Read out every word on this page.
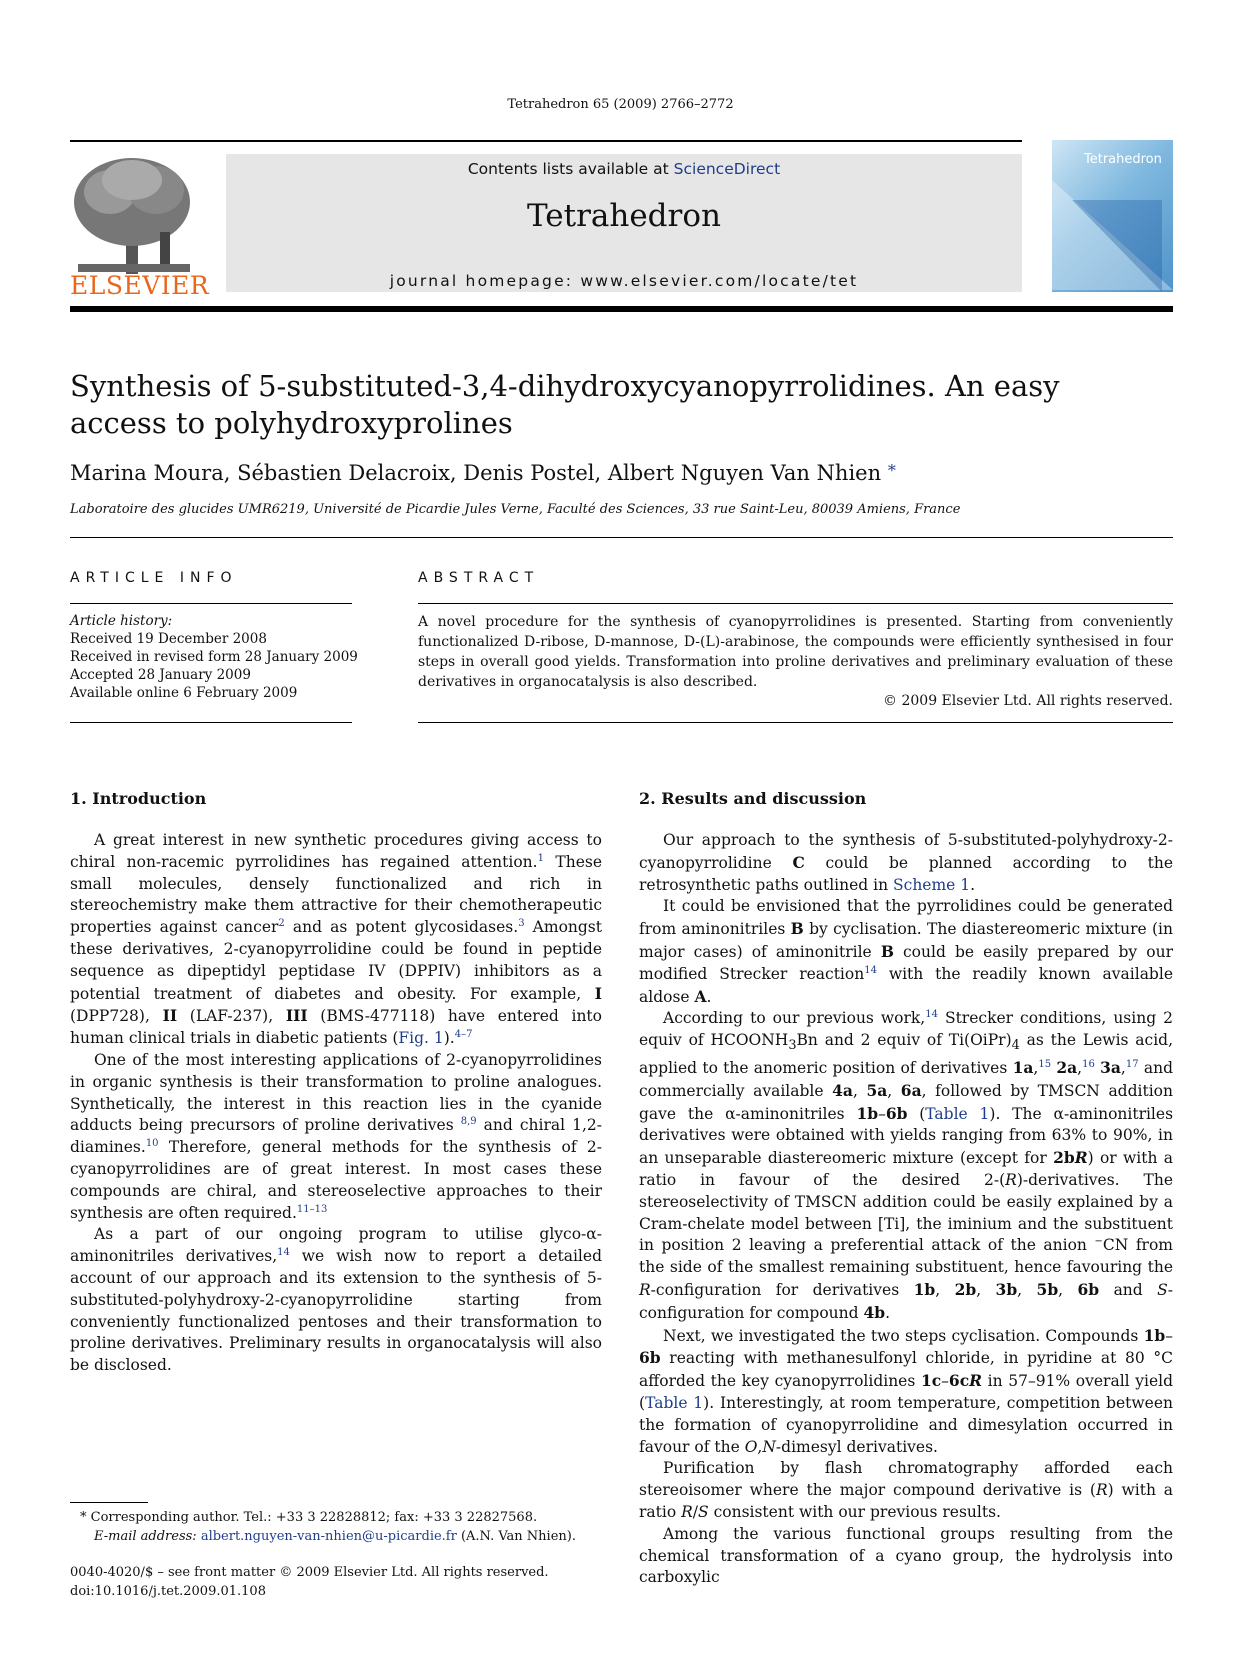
Tetrahedron 65 (2009) 2766–2772
ELSEVIER
Contents lists available at ScienceDirect
Tetrahedron
journal homepage: www.elsevier.com/locate/tet
Tetrahedron
Synthesis of 5-substituted-3,4-dihydroxycyanopyrrolidines. An easy access to polyhydroxyprolines
Marina Moura, Sébastien Delacroix, Denis Postel, Albert Nguyen Van Nhien *
Laboratoire des glucides UMR6219, Université de Picardie Jules Verne, Faculté des Sciences, 33 rue Saint-Leu, 80039 Amiens, France
ARTICLE INFO
Article history:
Received 19 December 2008
Received in revised form 28 January 2009
Accepted 28 January 2009
Available online 6 February 2009
ABSTRACT
A novel procedure for the synthesis of cyanopyrrolidines is presented. Starting from conveniently functionalized D-ribose, D-mannose, D-(L)-arabinose, the compounds were efficiently synthesised in four steps in overall good yields. Transformation into proline derivatives and preliminary evaluation of these derivatives in organocatalysis is also described.
© 2009 Elsevier Ltd. All rights reserved.
1. Introduction

A great interest in new synthetic procedures giving access to chiral non-racemic pyrrolidines has regained attention.$^1$ These small molecules, densely functionalized and rich in stereochemistry make them attractive for their chemotherapeutic properties against cancer$^2$ and as potent glycosidases.$^3$ Amongst these derivatives, 2-cyanopyrrolidine could be found in peptide sequence as dipeptidyl peptidase IV (DPPIV) inhibitors as a potential treatment of diabetes and obesity. For example, I (DPP728), II (LAF-237), III (BMS-477118) have entered into human clinical trials in diabetic patients (Fig. 1).$^{4-7}$

One of the most interesting applications of 2-cyanopyrrolidines in organic synthesis is their transformation to proline analogues. Synthetically, the interest in this reaction lies in the cyanide adducts being precursors of proline derivatives $^{8,9}$ and chiral 1,2-diamines.$^{10}$ Therefore, general methods for the synthesis of 2-cyanopyrrolidines are of great interest. In most cases these compounds are chiral, and stereoselective approaches to their synthesis are often required.$^{11-13}$

As a part of our ongoing program to utilise glyco-α-aminonitriles derivatives,$^{14}$ we wish now to report a detailed account of our approach and its extension to the synthesis of 5-substituted-polyhydroxy-2-cyanopyrrolidine starting from conveniently functionalized pentoses and their transformation to proline derivatives. Preliminary results in organocatalysis will also be disclosed.

2. Results and discussion

Our approach to the synthesis of 5-substituted-polyhydroxy-2-cyanopyrrolidine C could be planned according to the retrosynthetic paths outlined in Scheme 1.

It could be envisioned that the pyrrolidines could be generated from aminonitriles B by cyclisation. The diastereomeric mixture (in major cases) of aminonitrile B could be easily prepared by our modified Strecker reaction$^{14}$ with the readily known available aldose A.

According to our previous work,$^{14}$ Strecker conditions, using 2 equiv of $HCOONH_3Bn$ and 2 equiv of $Ti(OiPr)_4$ as the Lewis acid, applied to the anomeric position of derivatives 1a,$^{15}$ 2a,$^{16}$ 3a,$^{17}$ and commercially available 4a, 5a, 6a, followed by TMSCN addition gave the α-aminonitriles 1b–6b (Table 1). The α-aminonitriles derivatives were obtained with yields ranging from 63% to 90%, in an unseparable diastereomeric mixture (except for 2bR) or with a ratio in favour of the desired 2-(R)-derivatives. The stereoselectivity of TMSCN addition could be easily explained by a Cram-chelate model between [Ti], the iminium and the substituent in position 2 leaving a preferential attack of the anion −CN from the side of the smallest remaining substituent, hence favouring the R-configuration for derivatives 1b, 2b, 3b, 5b, 6b and S-configuration for compound 4b.

Next, we investigated the two steps cyclisation. Compounds 1b–6b reacting with methanesulfonyl chloride, in pyridine at 80 °C afforded the key cyanopyrrolidines 1c–6cR in 57–91% overall yield (Table 1). Interestingly, at room temperature, competition between the formation of cyanopyrrolidine and dimesylation occurred in favour of the O,N-dimesyl derivatives.

Purification by flash chromatography afforded each stereoisomer where the major compound derivative is (R) with a ratio R/S consistent with our previous results.

Among the various functional groups resulting from the chemical transformation of a cyano group, the hydrolysis into carboxylic

* Corresponding author. Tel.: +33 3 22828812; fax: +33 3 22827568.
E-mail address: albert.nguyen-van-nhien@u-picardie.fr (A.N. Van Nhien).
0040-4020/$ – see front matter © 2009 Elsevier Ltd. All rights reserved.
doi:10.1016/j.tet.2009.01.108
